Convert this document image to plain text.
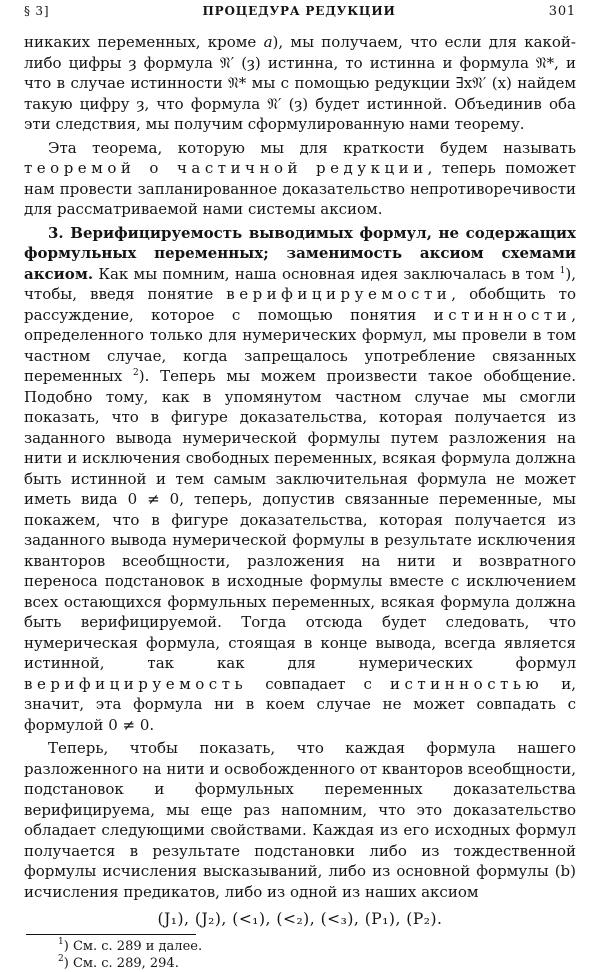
§ 3]	ПРОЦЕДУРА РЕДУКЦИИ	301

никаких переменных, кроме a), мы получаем, что если для какой-либо цифры ȝ формула 𝔑′ (ȝ) истинна, то истинна и формула 𝔑*, и что в случае истинности 𝔑* мы с помощью редукции ∃x𝔑′ (x) найдем такую цифру ȝ, что формула 𝔑′ (ȝ) будет истинной. Объединив оба эти следствия, мы получим сформулированную нами теорему.

Эта теорема, которую мы для краткости будем называть теоремой о частичной редукции, теперь поможет нам провести запланированное доказательство непротиворечивости для рассматриваемой нами системы аксиом.

3. Верифицируемость выводимых формул, не содержащих формульных переменных; заменимость аксиом схемами аксиом. Как мы помним, наша основная идея заключалась в том $^1$), чтобы, введя понятие верифицируемости, обобщить то рассуждение, которое с помощью понятия истинности, определенного только для нумерических формул, мы провели в том частном случае, когда запрещалось употребление связанных переменных $^2$). Теперь мы можем произвести такое обобщение. Подобно тому, как в упомянутом частном случае мы смогли показать, что в фигуре доказательства, которая получается из заданного вывода нумерической формулы путем разложения на нити и исключения свободных переменных, всякая формула должна быть истинной и тем самым заключительная формула не может иметь вида 0 ≠ 0, теперь, допустив связанные переменные, мы покажем, что в фигуре доказательства, которая получается из заданного вывода нумерической формулы в результате исключения кванторов всеобщности, разложения на нити и возвратного переноса подстановок в исходные формулы вместе с исключением всех остающихся формульных переменных, всякая формула должна быть верифицируемой. Тогда отсюда будет следовать, что нумерическая формула, стоящая в конце вывода, всегда является истинной, так как для нумерических формул верифицируемость совпадает с истинностью и, значит, эта формула ни в коем случае не может совпадать с формулой 0 ≠ 0.

Теперь, чтобы показать, что каждая формула нашего разложенного на нити и освобожденного от кванторов всеобщности, подстановок и формульных переменных доказательства верифицируема, мы еще раз напомним, что это доказательство обладает следующими свойствами. Каждая из его исходных формул получается в результате подстановки либо из тождественной формулы исчисления высказываний, либо из основной формулы (b) исчисления предикатов, либо из одной из наших аксиом

(J₁), (J₂), (<₁), (<₂), (<₃), (P₁), (P₂).
$^1$) См. с. 289 и далее.
$^2$) См. с. 289, 294.
